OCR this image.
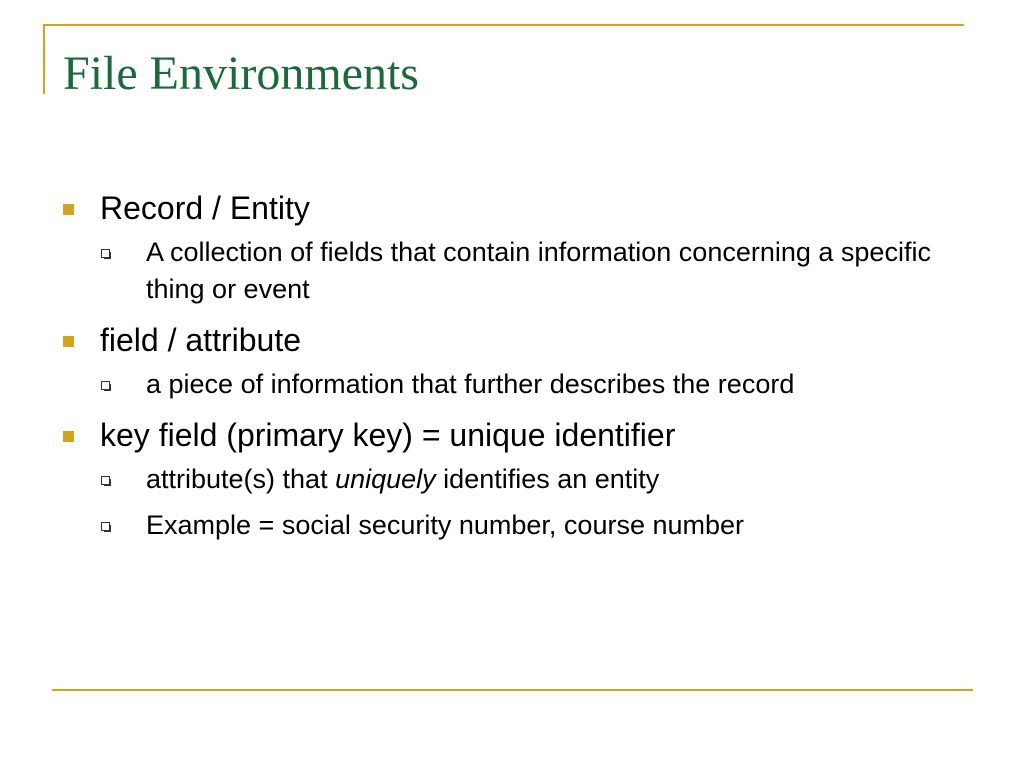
File Environments
Record / Entity
A collection of fields that contain information concerning a specific thing or event
field / attribute
a piece of information that further describes the record
key field (primary key) = unique identifier
attribute(s) that uniquely identifies an entity
Example = social security number, course number
